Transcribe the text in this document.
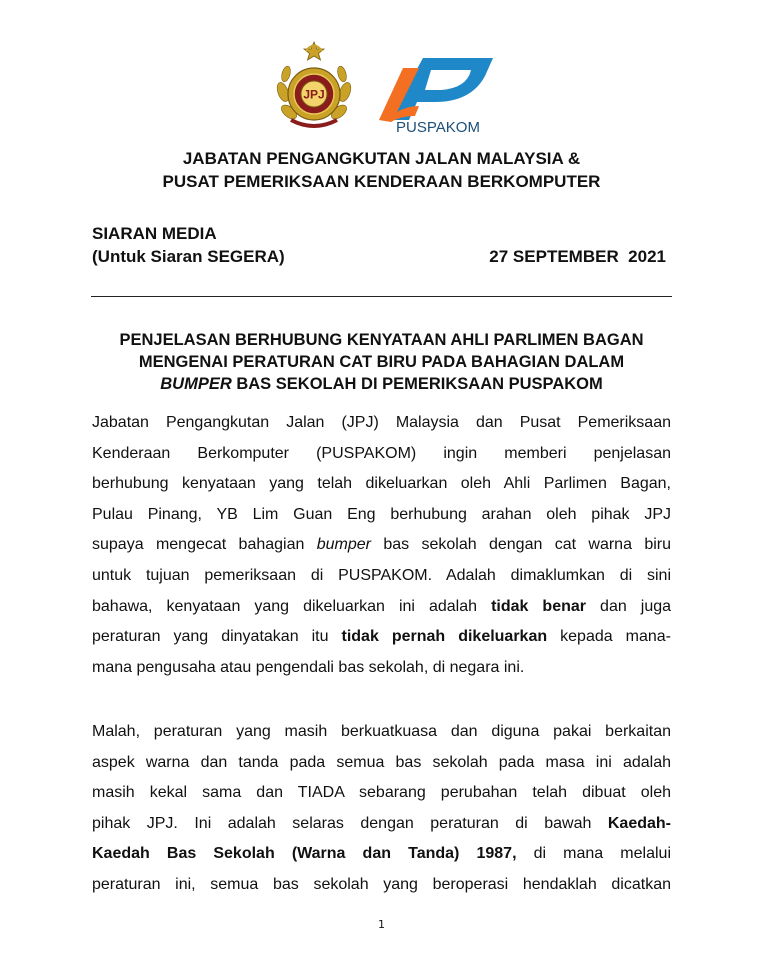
JPJ
PUSPAKOM
JABATAN PENGANGKUTAN JALAN MALAYSIA &
PUSAT PEMERIKSAAN KENDERAAN BERKOMPUTER
SIARAN MEDIA
(Untuk Siaran SEGERA)	27 SEPTEMBER  2021
PENJELASAN BERHUBUNG KENYATAAN AHLI PARLIMEN BAGAN
MENGENAI PERATURAN CAT BIRU PADA BAHAGIAN DALAM
BUMPER BAS SEKOLAH DI PEMERIKSAAN PUSPAKOM
Jabatan Pengangkutan Jalan (JPJ) Malaysia dan Pusat Pemeriksaan
Kenderaan Berkomputer (PUSPAKOM) ingin memberi penjelasan
berhubung kenyataan yang telah dikeluarkan oleh Ahli Parlimen Bagan,
Pulau Pinang, YB Lim Guan Eng berhubung arahan oleh pihak JPJ
supaya mengecat bahagian bumper bas sekolah dengan cat warna biru
untuk tujuan pemeriksaan di PUSPAKOM. Adalah dimaklumkan di sini
bahawa, kenyataan yang dikeluarkan ini adalah tidak benar dan juga
peraturan yang dinyatakan itu tidak pernah dikeluarkan kepada mana-
mana pengusaha atau pengendali bas sekolah, di negara ini.
Malah, peraturan yang masih berkuatkuasa dan diguna pakai berkaitan
aspek warna dan tanda pada semua bas sekolah pada masa ini adalah
masih kekal sama dan TIADA sebarang perubahan telah dibuat oleh
pihak JPJ. Ini adalah selaras dengan peraturan di bawah Kaedah-
Kaedah Bas Sekolah (Warna dan Tanda) 1987, di mana melalui
peraturan ini, semua bas sekolah yang beroperasi hendaklah dicatkan
1
